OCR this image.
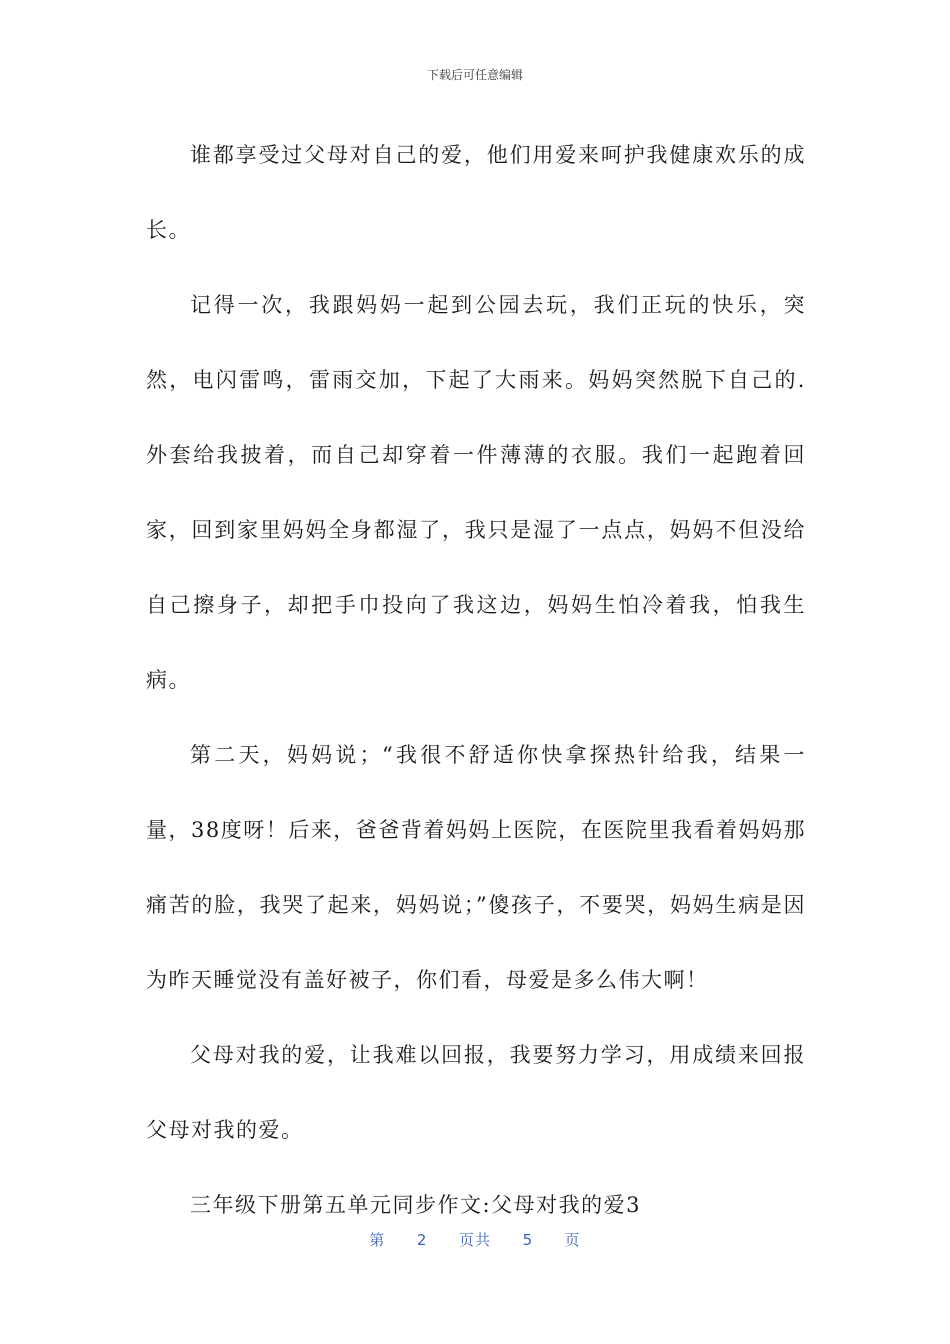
下载后可任意编辑

谁都享受过父母对自己的爱，他们用爱来呵护我健康欢乐的成长。

记得一次，我跟妈妈一起到公园去玩，我们正玩的快乐，突然，电闪雷鸣，雷雨交加，下起了大雨来。妈妈突然脱下自己的.外套给我披着，而自己却穿着一件薄薄的衣服。我们一起跑着回家，回到家里妈妈全身都湿了，我只是湿了一点点，妈妈不但没给自己擦身子，却把手巾投向了我这边，妈妈生怕冷着我，怕我生病。

第二天，妈妈说；“我很不舒适你快拿探热针给我，结果一量，38度呀！后来，爸爸背着妈妈上医院，在医院里我看着妈妈那痛苦的脸，我哭了起来，妈妈说；”傻孩子，不要哭，妈妈生病是因为昨天睡觉没有盖好被子，你们看，母爱是多么伟大啊！

父母对我的爱，让我难以回报，我要努力学习，用成绩来回报父母对我的爱。

三年级下册第五单元同步作文:父母对我的爱3

第 2 页共 5 页
